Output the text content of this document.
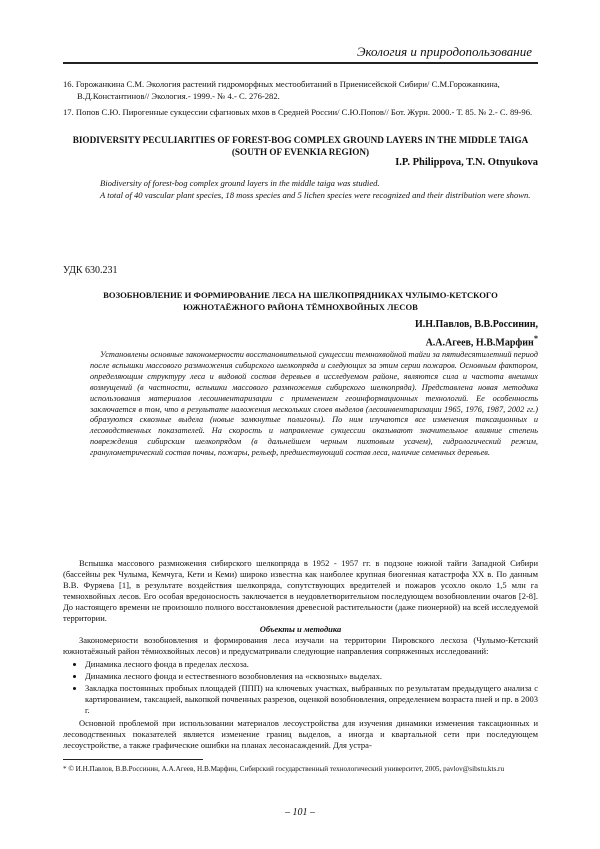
Экология и природопользование

16. Горожанкина С.М. Экология растений гидроморфных местообитаний в Приенисейской Сибири/ С.М.Горожанкина, В.Д.Константинов// Экология.- 1999.- № 4.- С. 276-282.

17. Попов С.Ю. Пирогенные сукцессии сфагновых мхов в Средней России/ С.Ю.Попов// Бот. Журн. 2000.- Т. 85. № 2.- С. 89-96.

BIODIVERSITY PECULIARITIES OF FOREST-BOG COMPLEX GROUND LAYERS IN THE MIDDLE TAIGA (SOUTH OF EVENKIA REGION)
I.P. Philippova, T.N. Otnyukova

Biodiversity of forest-bog complex ground layers in the middle taiga was studied.

A total of 40 vascular plant species, 18 moss species and 5 lichen species were recognized and their distribution were shown.

УДК 630.231
ВОЗОБНОВЛЕНИЕ И ФОРМИРОВАНИЕ ЛЕСА НА ШЕЛКОПРЯДНИКАХ ЧУЛЫМО-КЕТСКОГО ЮЖНОТАЁЖНОГО РАЙОНА ТЁМНОХВОЙНЫХ ЛЕСОВ
И.Н.Павлов, В.В.Россинин,
А.А.Агеев, Н.В.Марфин*
Установлены основные закономерности восстановительной сукцессии темнохвойной тайги за пятидесятилетний период после вспышки массового размножения сибирского шелкопряда и следующих за этим серии пожаров. Основным фактором, определяющим структуру леса и видовой состав деревьев в исследуемом районе, являются сила и частота внешних возмущений (в частности, вспышки массового размножения сибирского шелкопряда). Представлена новая методика использования материалов лесоинвентаризации с применением геоинформационных технологий. Ее особенность заключается в том, что в результате наложения нескольких слоев выделов (лесоинвентаризации 1965, 1976, 1987, 2002 гг.) образуются сквозные выдела (новые замкнутые полигоны). По ним изучаются все изменения таксационных и лесоводственных показателей. На скорость и направление сукцессии оказывают значительное влияние степень повреждения сибирским шелкопрядом (в дальнейшем черным пихтовым усачем), гидрологический режим, гранулометрический состав почвы, пожары, рельеф, предшествующий состав леса, наличие семенных деревьев.

Вспышка массового размножения сибирского шелкопряда в 1952 - 1957 гг. в подзоне южной тайги Западной Сибири (бассейны рек Чулыма, Кемчуга, Кети и Кеми) широко известна как наиболее крупная биогенная катастрофа XX в. По данным В.В. Фуряева [1], в результате воздействия шелкопряда, сопутствующих вредителей и пожаров усохло около 1,5 млн га темнохвойных лесов. Его особая вредоносность заключается в неудовлетворительном последующем возобновлении очагов [2-8]. До настоящего времени не произошло полного восстановления древесной растительности (даже пионерной) на всей исследуемой территории.

Объекты и методика

Закономерности возобновления и формирования леса изучали на территории Пировского лесхоза (Чулымо-Кетский южнотаёжный район тёмнохвойных лесов) и предусматривали следующие направления сопряженных исследований:

• Динамика лесного фонда в пределах лесхоза.
• Динамика лесного фонда и естественного возобновления на «сквозных» выделах.
• Закладка постоянных пробных площадей (ППП) на ключевых участках, выбранных по результатам предыдущего анализа с картированием, таксацией, выкопкой почвенных разрезов, оценкой возобновления, определением возраста пней и пр. в 2003 г.

Основной проблемой при использовании материалов лесоустройства для изучения динамики изменения таксационных и лесоводственных показателей является изменение границ выделов, а иногда и квартальной сети при последующем лесоустройстве, а также графические ошибки на планах лесонасаждений. Для устра-

* © И.Н.Павлов, В.В.Россинин, А.А.Агеев, Н.В.Марфин, Сибирский государственный технологический университет, 2005, pavlov@sibstu.kts.ru
– 101 –
